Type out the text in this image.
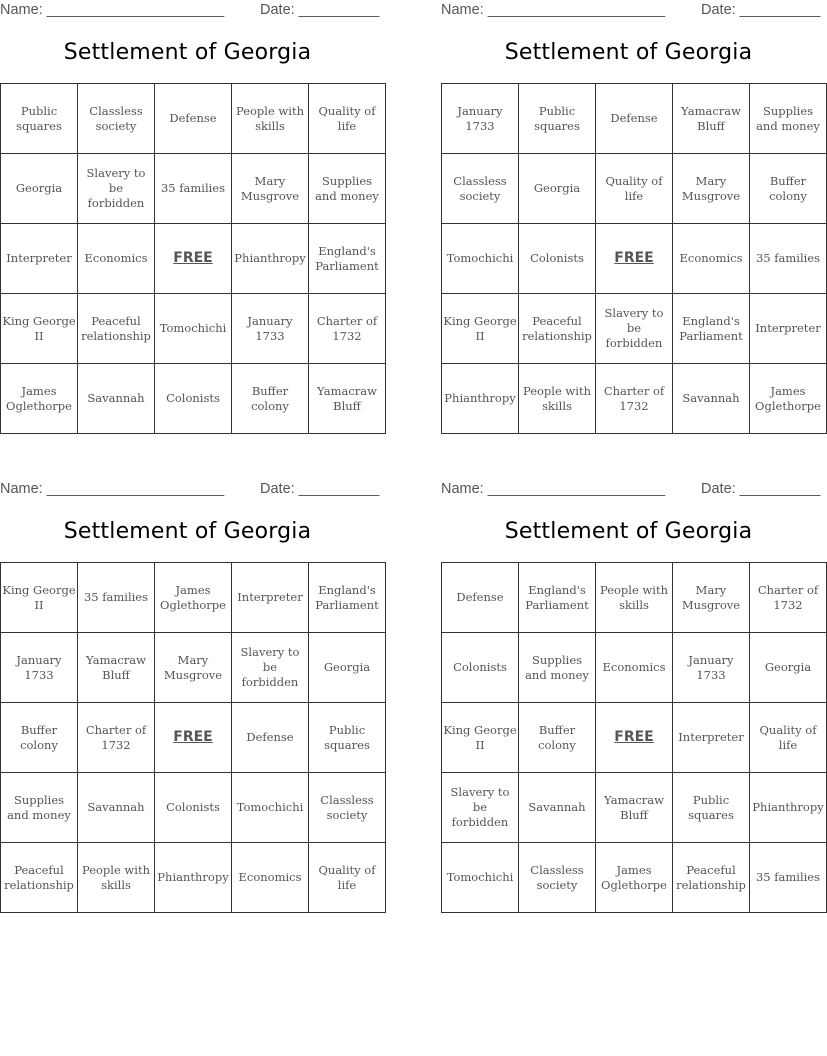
Name: ______________________ Date: __________
Settlement of Georgia
Public squares	Classless society	Defense	People with skills	Quality of life
Georgia	Slavery to be forbidden	35 families	Mary Musgrove	Supplies and money
Interpreter	Economics	FREE	Phianthropy	England's Parliament
King George II	Peaceful relationship	Tomochichi	January 1733	Charter of 1732
James Oglethorpe	Savannah	Colonists	Buffer colony	Yamacraw Bluff
Name: ______________________ Date: __________
Settlement of Georgia
January 1733	Public squares	Defense	Yamacraw Bluff	Supplies and money
Classless society	Georgia	Quality of life	Mary Musgrove	Buffer colony
Tomochichi	Colonists	FREE	Economics	35 families
King George II	Peaceful relationship	Slavery to be forbidden	England's Parliament	Interpreter
Phianthropy	People with skills	Charter of 1732	Savannah	James Oglethorpe
Name: ______________________ Date: __________
Settlement of Georgia
King George II	35 families	James Oglethorpe	Interpreter	England's Parliament
January 1733	Yamacraw Bluff	Mary Musgrove	Slavery to be forbidden	Georgia
Buffer colony	Charter of 1732	FREE	Defense	Public squares
Supplies and money	Savannah	Colonists	Tomochichi	Classless society
Peaceful relationship	People with skills	Phianthropy	Economics	Quality of life
Name: ______________________ Date: __________
Settlement of Georgia
Defense	England's Parliament	People with skills	Mary Musgrove	Charter of 1732
Colonists	Supplies and money	Economics	January 1733	Georgia
King George II	Buffer colony	FREE	Interpreter	Quality of life
Slavery to be forbidden	Savannah	Yamacraw Bluff	Public squares	Phianthropy
Tomochichi	Classless society	James Oglethorpe	Peaceful relationship	35 families
